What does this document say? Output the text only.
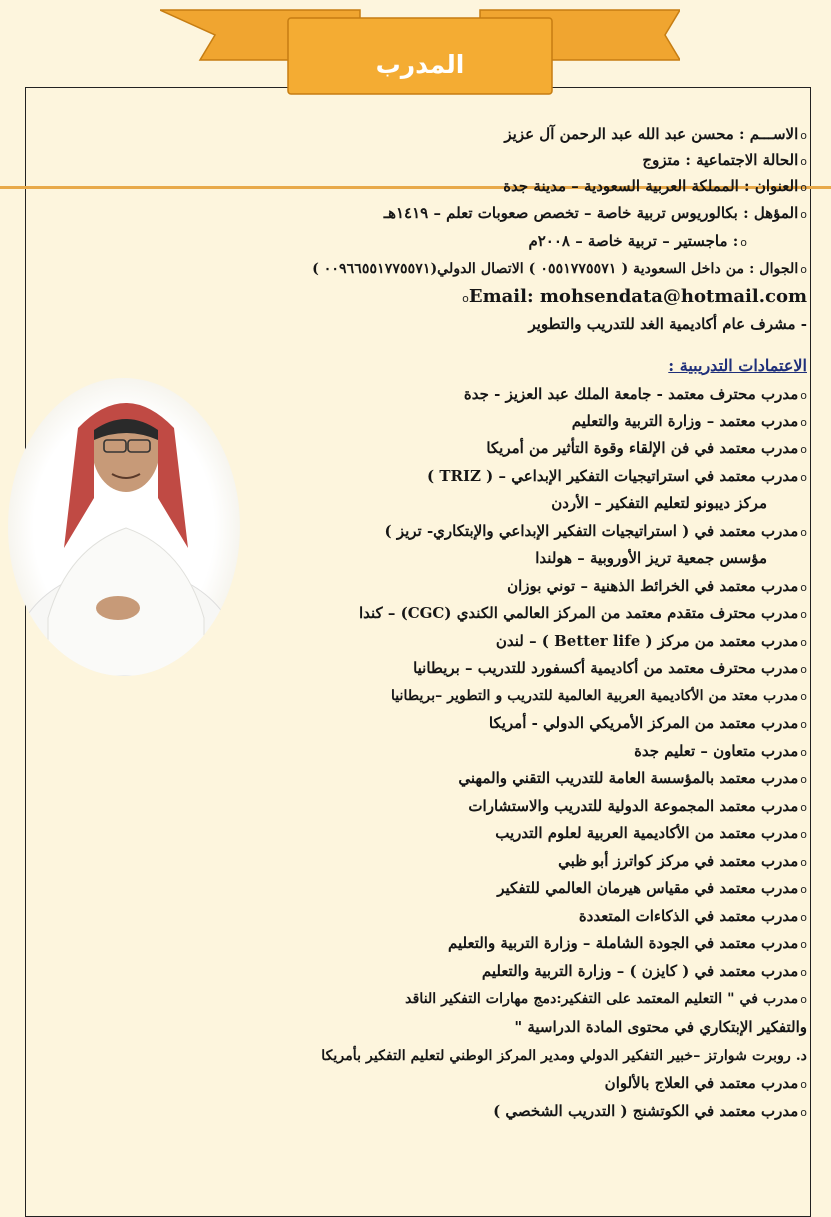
المدرب
oالاســـم : محسن عبد الله عبد الرحمن آل عزيز
oالحالة الاجتماعية : متزوج
oالعنوان : المملكة العربية السعودية – مدينة جدة
oالمؤهل : بكالوريوس تربية خاصة – تخصص صعوبات تعلم – ١٤١٩هـ
o: ماجستير – تربية خاصة – ٢٠٠٨م
oالجوال : من داخل السعودية ( ٠٥٥١٧٧٥٥٧١ ) الاتصال الدولي(٠٠٩٦٦٥٥١٧٧٥٥٧١ )
oEmail: mohsendata@hotmail.com
- مشرف عام أكاديمية الغد للتدريب والتطوير
الاعتمادات التدريبية :
oمدرب محترف معتمد - جامعة الملك عبد العزيز - جدة
oمدرب معتمد – وزارة التربية والتعليم
oمدرب معتمد في فن الإلقاء وقوة التأثير من أمريكا
oمدرب معتمد في استراتيجيات التفكير الإبداعي – ( TRIZ )
مركز ديبونو لتعليم التفكير – الأردن
oمدرب معتمد في ( استراتيجيات التفكير الإبداعي والإبتكاري- تريز )
مؤسس جمعية تريز الأوروبية – هولندا
oمدرب معتمد في الخرائط الذهنية – توني بوزان
oمدرب محترف متقدم معتمد من المركز العالمي الكندي (CGC) – كندا
oمدرب معتمد من مركز ( Better life ) – لندن
oمدرب محترف معتمد من أكاديمية أكسفورد للتدريب – بريطانيا
oمدرب معتد من الأكاديمية العربية العالمية للتدريب و التطوير –بريطانيا
oمدرب معتمد من المركز الأمريكي الدولي - أمريكا
oمدرب متعاون – تعليم جدة
oمدرب معتمد بالمؤسسة العامة للتدريب التقني والمهني
oمدرب معتمد المجموعة الدولية للتدريب والاستشارات
oمدرب معتمد من الأكاديمية العربية لعلوم التدريب
oمدرب معتمد في مركز كواترز أبو ظبي
oمدرب معتمد في مقياس هيرمان العالمي للتفكير
oمدرب معتمد في الذكاءات المتعددة
oمدرب معتمد في الجودة الشاملة – وزارة التربية والتعليم
oمدرب معتمد في ( كايزن ) – وزارة التربية والتعليم
oمدرب في " التعليم المعتمد على التفكير:دمج مهارات التفكير الناقد
والتفكير الإبتكاري في محتوى المادة الدراسية "
د. روبرت شوارتز –خبير التفكير الدولي ومدير المركز الوطني لتعليم التفكير بأمريكا
oمدرب معتمد في العلاج بالألوان
oمدرب معتمد في الكوتشنج ( التدريب الشخصي )
